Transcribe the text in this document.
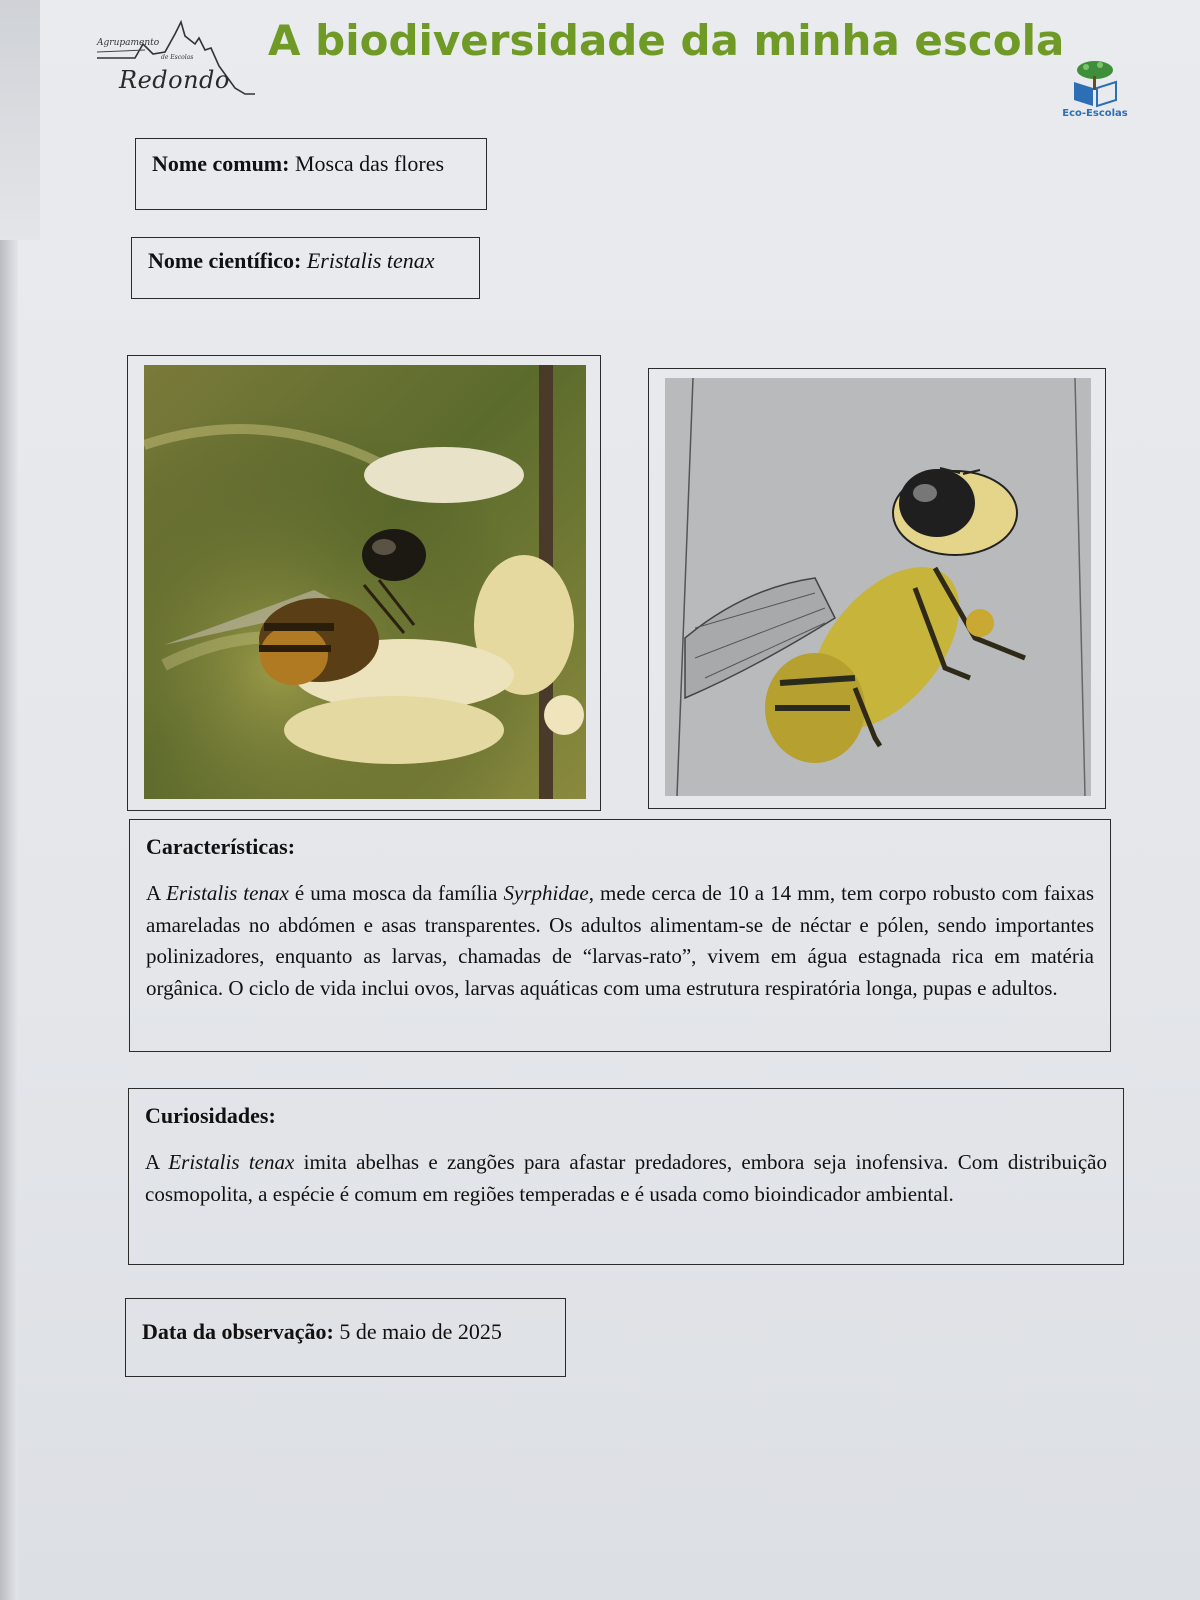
Agrupamento
de Escolas
Redondo
A biodiversidade da minha escola
Eco-Escolas
Nome comum: Mosca das flores
Nome científico: Eristalis tenax
Características:
A Eristalis tenax é uma mosca da família Syrphidae, mede cerca de 10 a 14 mm, tem corpo robusto com faixas amareladas no abdómen e asas transparentes. Os adultos alimentam-se de néctar e pólen, sendo importantes polinizadores, enquanto as larvas, chamadas de “larvas-rato”, vivem em água estagnada rica em matéria orgânica. O ciclo de vida inclui ovos, larvas aquáticas com uma estrutura respiratória longa, pupas e adultos.
Curiosidades:
A Eristalis tenax imita abelhas e zangões para afastar predadores, embora seja inofensiva. Com distribuição cosmopolita, a espécie é comum em regiões temperadas e é usada como bioindicador ambiental.
Data da observação: 5 de maio de 2025
